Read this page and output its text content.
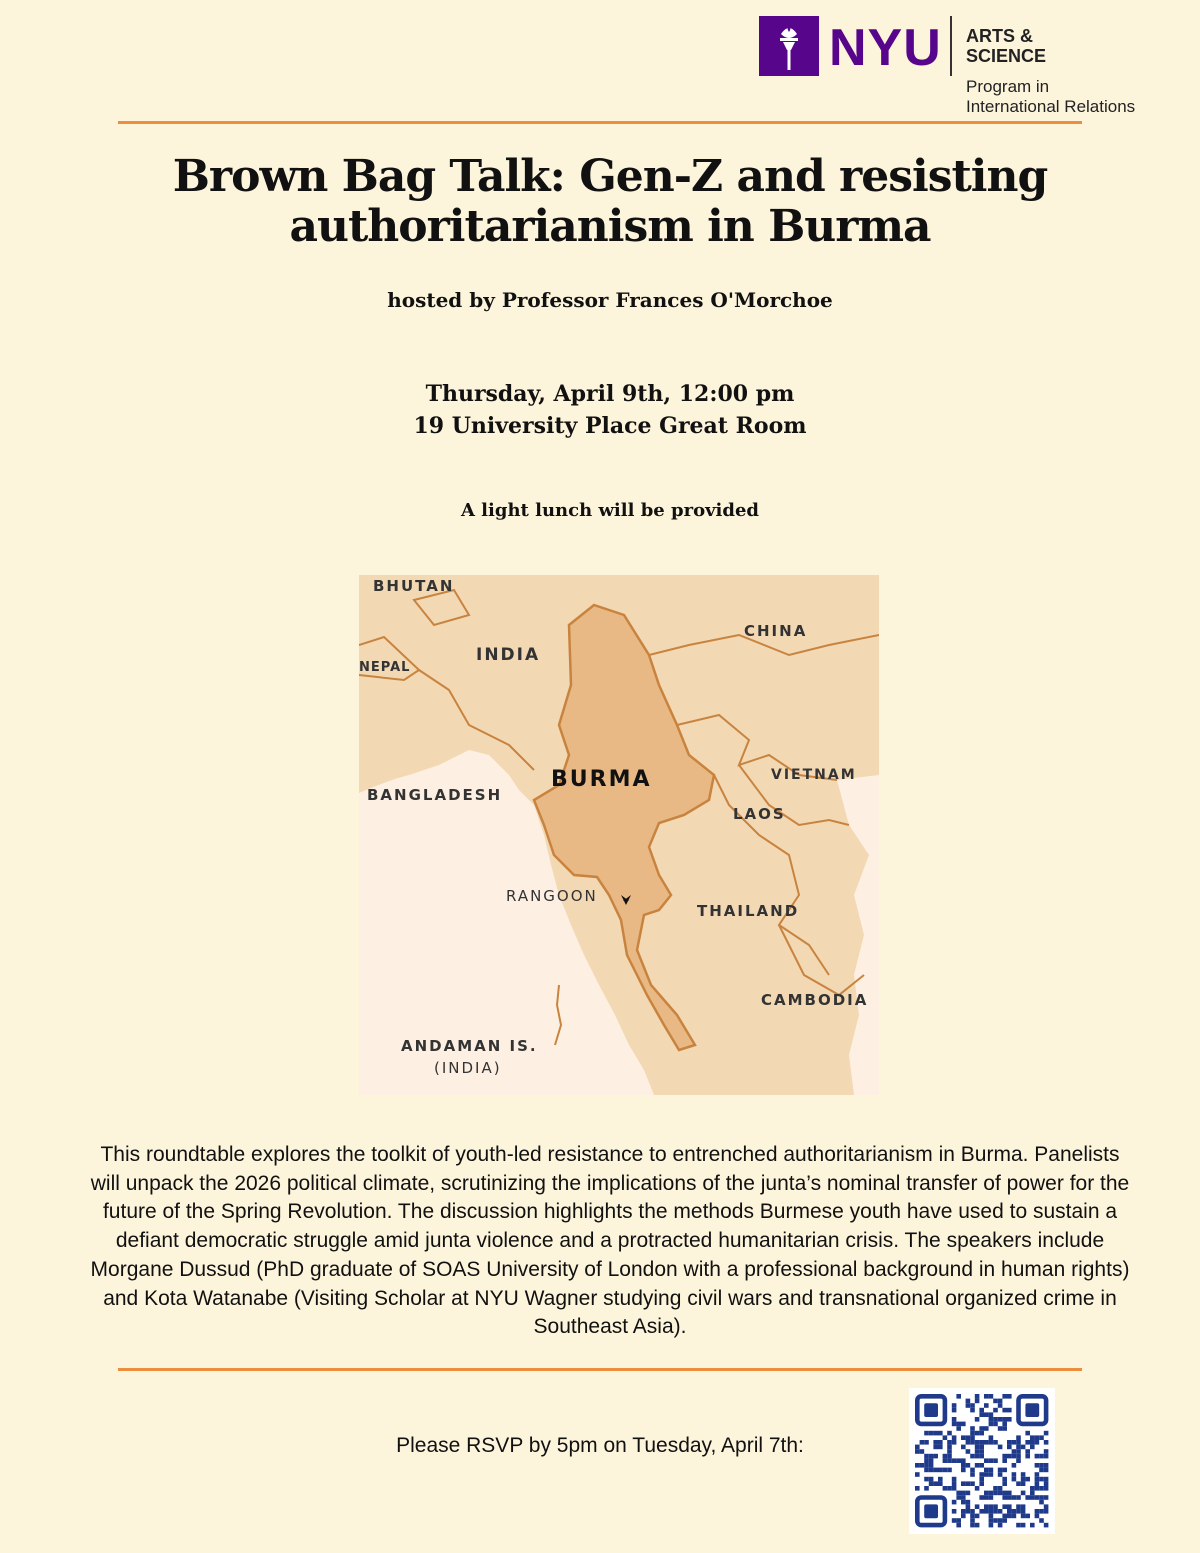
NYU ARTS &
SCIENCE
Program in
International Relations
Brown Bag Talk: Gen-Z and resisting
authoritarianism in Burma
hosted by Professor Frances O'Morchoe
Thursday, April 9th, 12:00 pm
19 University Place Great Room
A light lunch will be provided
BHUTAN
CHINA
NEPAL
INDIA
BANGLADESH
BURMA	VIETNAM
LAOS
RANGOON
THAILAND
CAMBODIA
ANDAMAN IS.
(INDIA)

This roundtable explores the toolkit of youth-led resistance to entrenched authoritarianism in Burma. Panelists will unpack the 2026 political climate, scrutinizing the implications of the junta’s nominal transfer of power for the future of the Spring Revolution. The discussion highlights the methods Burmese youth have used to sustain a defiant democratic struggle amid junta violence and a protracted humanitarian crisis. The speakers include Morgane Dussud (PhD graduate of SOAS University of London with a professional background in human rights) and Kota Watanabe (Visiting Scholar at NYU Wagner studying civil wars and transnational organized crime in Southeast Asia).

Please RSVP by 5pm on Tuesday, April 7th:
